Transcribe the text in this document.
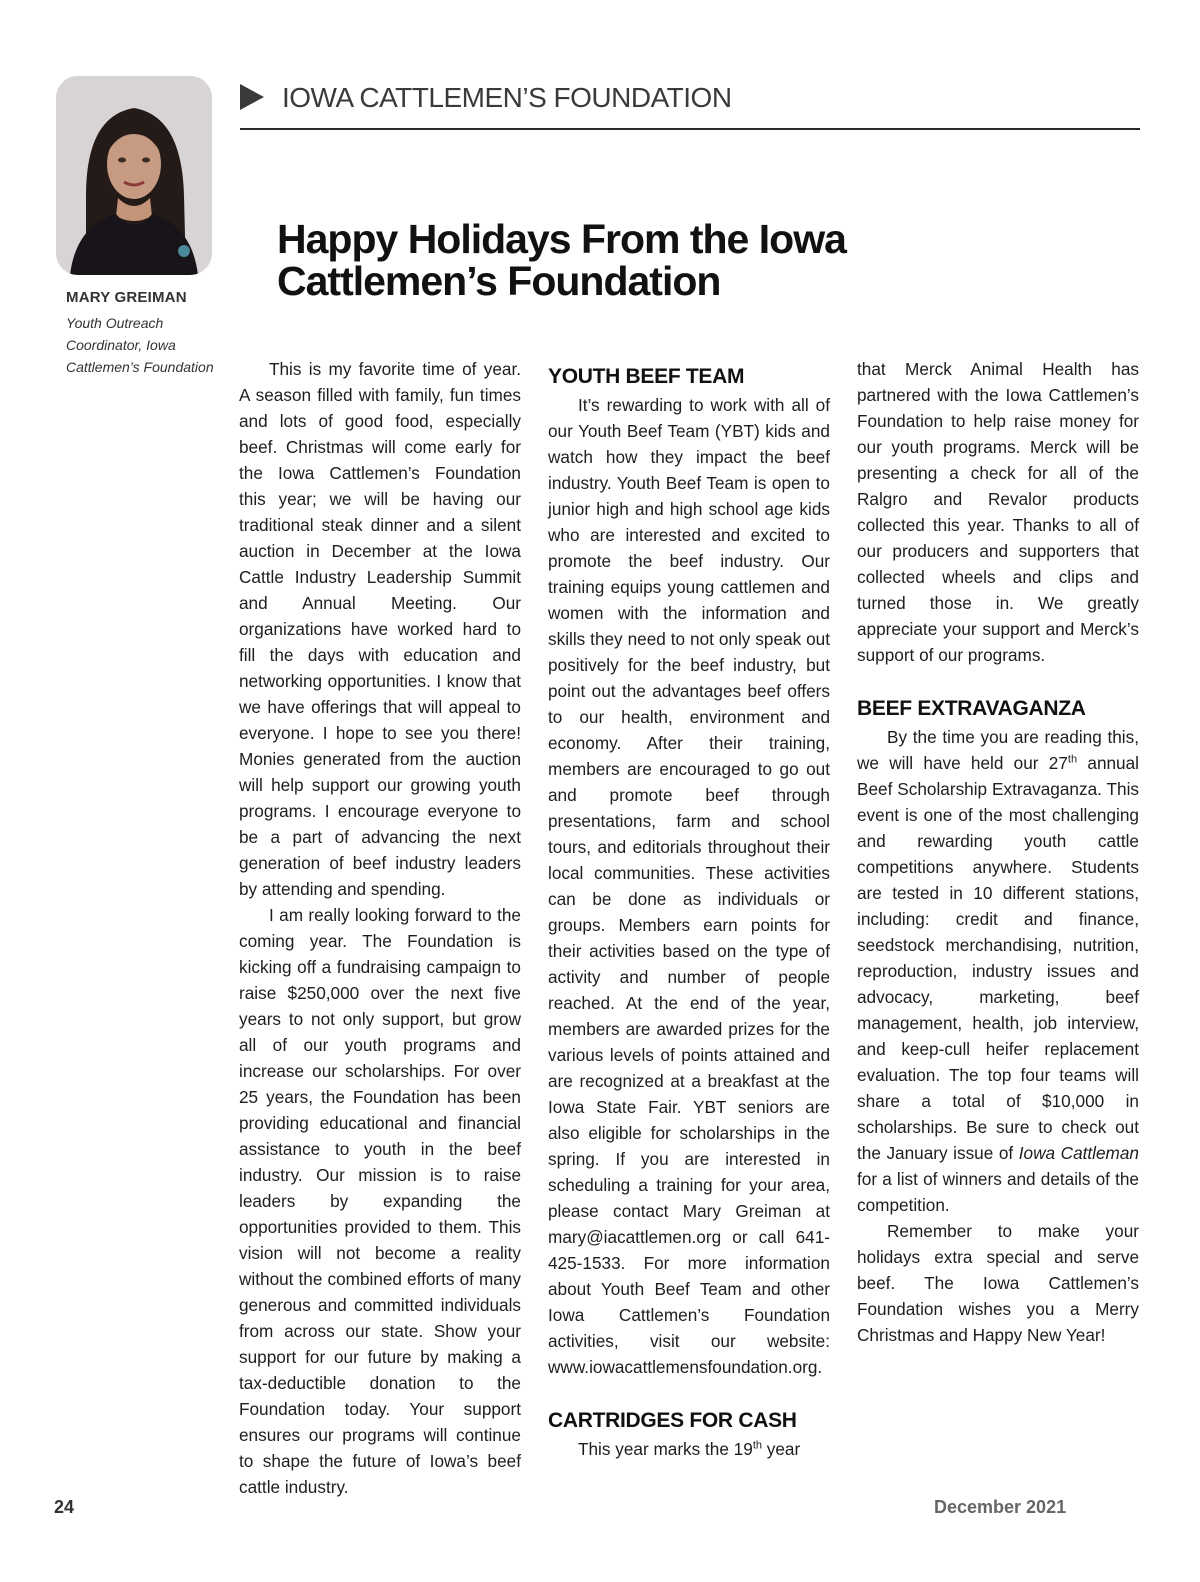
MARY GREIMAN
Youth Outreach Coordinator, Iowa Cattlemen’s Foundation
IOWA CATTLEMEN’S FOUNDATION
Happy Holidays From the Iowa Cattlemen’s Foundation

This is my favorite time of year. A season filled with family, fun times and lots of good food, especially beef. Christmas will come early for the Iowa Cattlemen’s Foundation this year; we will be having our traditional steak dinner and a silent auction in December at the Iowa Cattle Industry Leadership Summit and Annual Meeting. Our organizations have worked hard to fill the days with education and networking opportunities. I know that we have offerings that will appeal to everyone. I hope to see you there! Monies generated from the auction will help support our growing youth programs. I encourage everyone to be a part of advancing the next generation of beef industry leaders by attending and spending.

I am really looking forward to the coming year. The Foundation is kicking off a fundraising campaign to raise $250,000 over the next five years to not only support, but grow all of our youth programs and increase our scholarships. For over 25 years, the Foundation has been providing educational and financial assistance to youth in the beef industry. Our mission is to raise leaders by expanding the opportunities provided to them. This vision will not become a reality without the combined efforts of many generous and committed individuals from across our state. Show your support for our future by making a tax-deductible donation to the Foundation today. Your support ensures our programs will continue to shape the future of Iowa’s beef cattle industry.

YOUTH BEEF TEAM

It’s rewarding to work with all of our Youth Beef Team (YBT) kids and watch how they impact the beef industry. Youth Beef Team is open to junior high and high school age kids who are interested and excited to promote the beef industry. Our training equips young cattlemen and women with the information and skills they need to not only speak out positively for the beef industry, but point out the advantages beef offers to our health, environment and economy. After their training, members are encouraged to go out and promote beef through presentations, farm and school tours, and editorials throughout their local communities. These activities can be done as individuals or groups. Members earn points for their activities based on the type of activity and number of people reached. At the end of the year, members are awarded prizes for the various levels of points attained and are recognized at a breakfast at the Iowa State Fair. YBT seniors are also eligible for scholarships in the spring. If you are interested in scheduling a training for your area, please contact Mary Greiman at mary@iacattlemen.org or call 641-425-1533. For more information about Youth Beef Team and other Iowa Cattlemen’s Foundation activities, visit our website: www.iowacattlemensfoundation.org.

CARTRIDGES FOR CASH

This year marks the 19th year

that Merck Animal Health has partnered with the Iowa Cattlemen’s Foundation to help raise money for our youth programs. Merck will be presenting a check for all of the Ralgro and Revalor products collected this year. Thanks to all of our producers and supporters that collected wheels and clips and turned those in. We greatly appreciate your support and Merck’s support of our programs.

BEEF EXTRAVAGANZA

By the time you are reading this, we will have held our 27th annual Beef Scholarship Extravaganza. This event is one of the most challenging and rewarding youth cattle competitions anywhere. Students are tested in 10 different stations, including: credit and finance, seedstock merchandising, nutrition, reproduction, industry issues and advocacy, marketing, beef management, health, job interview, and keep-cull heifer replacement evaluation. The top four teams will share a total of $10,000 in scholarships. Be sure to check out the January issue of Iowa Cattleman for a list of winners and details of the competition.

Remember to make your holidays extra special and serve beef. The Iowa Cattlemen’s Foundation wishes you a Merry Christmas and Happy New Year!

24	December 2021
